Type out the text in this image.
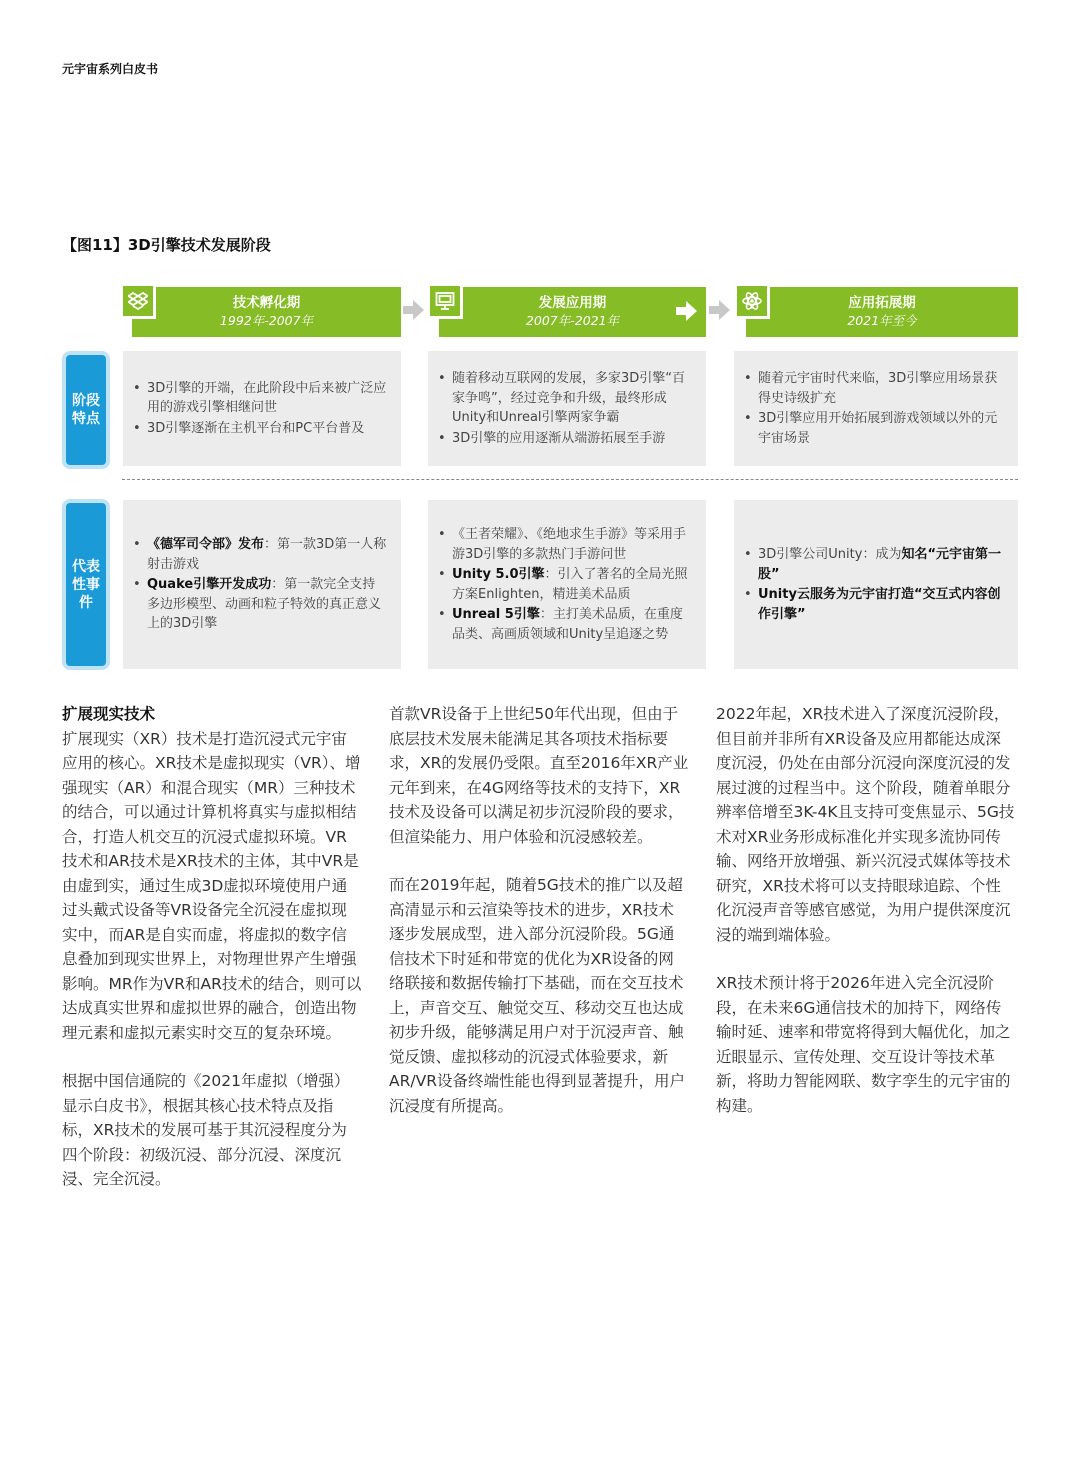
元宇宙系列白皮书
【图11】3D引擎技术发展阶段
技术孵化期
1992年-2007年
发展应用期
2007年-2021年
应用拓展期
2021年至今
阶段特点
代表性事件
• 3D引擎的开端，在此阶段中后来被广泛应用的游戏引擎相继问世
• 3D引擎逐渐在主机平台和PC平台普及
• 随着移动互联网的发展，多家3D引擎“百家争鸣”，经过竞争和升级，最终形成Unity和Unreal引擎两家争霸
• 3D引擎的应用逐渐从端游拓展至手游
• 随着元宇宙时代来临，3D引擎应用场景获得史诗级扩充
• 3D引擎应用开始拓展到游戏领域以外的元宇宙场景
• 《德军司令部》发布：第一款3D第一人称射击游戏
• Quake引擎开发成功：第一款完全支持多边形模型、动画和粒子特效的真正意义上的3D引擎
• 《王者荣耀》、《绝地求生手游》等采用手游3D引擎的多款热门手游问世
• Unity 5.0引擎：引入了著名的全局光照方案Enlighten，精进美术品质
• Unreal 5引擎：主打美术品质，在重度品类、高画质领域和Unity呈追逐之势
• 3D引擎公司Unity：成为知名“元宇宙第一股”
• Unity云服务为元宇宙打造“交互式内容创作引擎”
扩展现实技术

扩展现实（XR）技术是打造沉浸式元宇宙应用的核心。XR技术是虚拟现实（VR）、增强现实（AR）和混合现实（MR）三种技术的结合，可以通过计算机将真实与虚拟相结合，打造人机交互的沉浸式虚拟环境。VR技术和AR技术是XR技术的主体，其中VR是由虚到实，通过生成3D虚拟环境使用户通过头戴式设备等VR设备完全沉浸在虚拟现实中，而AR是自实而虚，将虚拟的数字信息叠加到现实世界上，对物理世界产生增强影响。MR作为VR和AR技术的结合，则可以达成真实世界和虚拟世界的融合，创造出物理元素和虚拟元素实时交互的复杂环境。

根据中国信通院的《2021年虚拟（增强）显示白皮书》，根据其核心技术特点及指标，XR技术的发展可基于其沉浸程度分为四个阶段：初级沉浸、部分沉浸、深度沉浸、完全沉浸。

首款VR设备于上世纪50年代出现，但由于底层技术发展未能满足其各项技术指标要求，XR的发展仍受限。直至2016年XR产业元年到来，在4G网络等技术的支持下，XR技术及设备可以满足初步沉浸阶段的要求，但渲染能力、用户体验和沉浸感较差。

而在2019年起，随着5G技术的推广以及超高清显示和云渲染等技术的进步，XR技术逐步发展成型，进入部分沉浸阶段。5G通信技术下时延和带宽的优化为XR设备的网络联接和数据传输打下基础，而在交互技术上，声音交互、触觉交互、移动交互也达成初步升级，能够满足用户对于沉浸声音、触觉反馈、虚拟移动的沉浸式体验要求，新AR/VR设备终端性能也得到显著提升，用户沉浸度有所提高。

2022年起，XR技术进入了深度沉浸阶段，但目前并非所有XR设备及应用都能达成深度沉浸，仍处在由部分沉浸向深度沉浸的发展过渡的过程当中。这个阶段，随着单眼分辨率倍增至3K-4K且支持可变焦显示、5G技术对XR业务形成标准化并实现多流协同传输、网络开放增强、新兴沉浸式媒体等技术研究，XR技术将可以支持眼球追踪、个性化沉浸声音等感官感觉，为用户提供深度沉浸的端到端体验。

XR技术预计将于2026年进入完全沉浸阶段，在未来6G通信技术的加持下，网络传输时延、速率和带宽将得到大幅优化，加之近眼显示、宣传处理、交互设计等技术革新，将助力智能网联、数字孪生的元宇宙的构建。
